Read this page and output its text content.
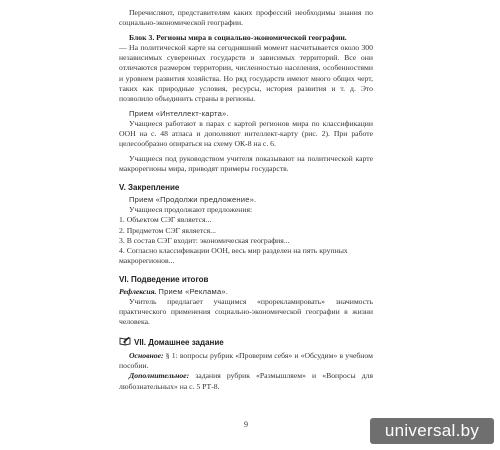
Перечисляют, представителям каких профессий необходимы знания по социально-экономической географии.

Блок 3. Регионы мира в социально-экономической географии.
— На политической карте на сегодняшний момент насчитывается около 300 независимых суверенных государств и зависимых территорий. Все они отличаются размером территории, численностью населения, особенностями и уровнем развития хозяйства. Но ряд государств имеют много общих черт, таких как природные условия, ресурсы, история развития и т. д. Это позволило объединить страны в регионы.

Прием «Интеллект-карта».

Учащиеся работают в парах с картой регионов мира по классификации ООН на с. 48 атласа и дополняют интеллект-карту (рис. 2). При работе целесообразно опираться на схему ОК-8 на с. 6.

Учащиеся под руководством учителя показывают на политической карте макрорегионы мира, приводят примеры государств.

V. Закрепление

Прием «Продолжи предложение».

Учащиеся продолжают предложения:

1. Объектом СЭГ является...

2. Предметом СЭГ является...

3. В состав СЭГ входит: экономическая география...

4. Согласно классификации ООН, весь мир разделен на пять крупных макрорегионов...

VI. Подведение итогов

Рефлексия. Прием «Реклама».

Учитель предлагает учащимся «прорекламировать» значимость практического применения социально-экономической географии в жизни человека.

VII. Домашнее задание

Основное: § 1: вопросы рубрик «Проверим себя» и «Обсудим» в учебном пособии.

Дополнительное: задания рубрик «Размышляем» и «Вопросы для любознательных» на с. 5 РТ-8.

9	universal.by
